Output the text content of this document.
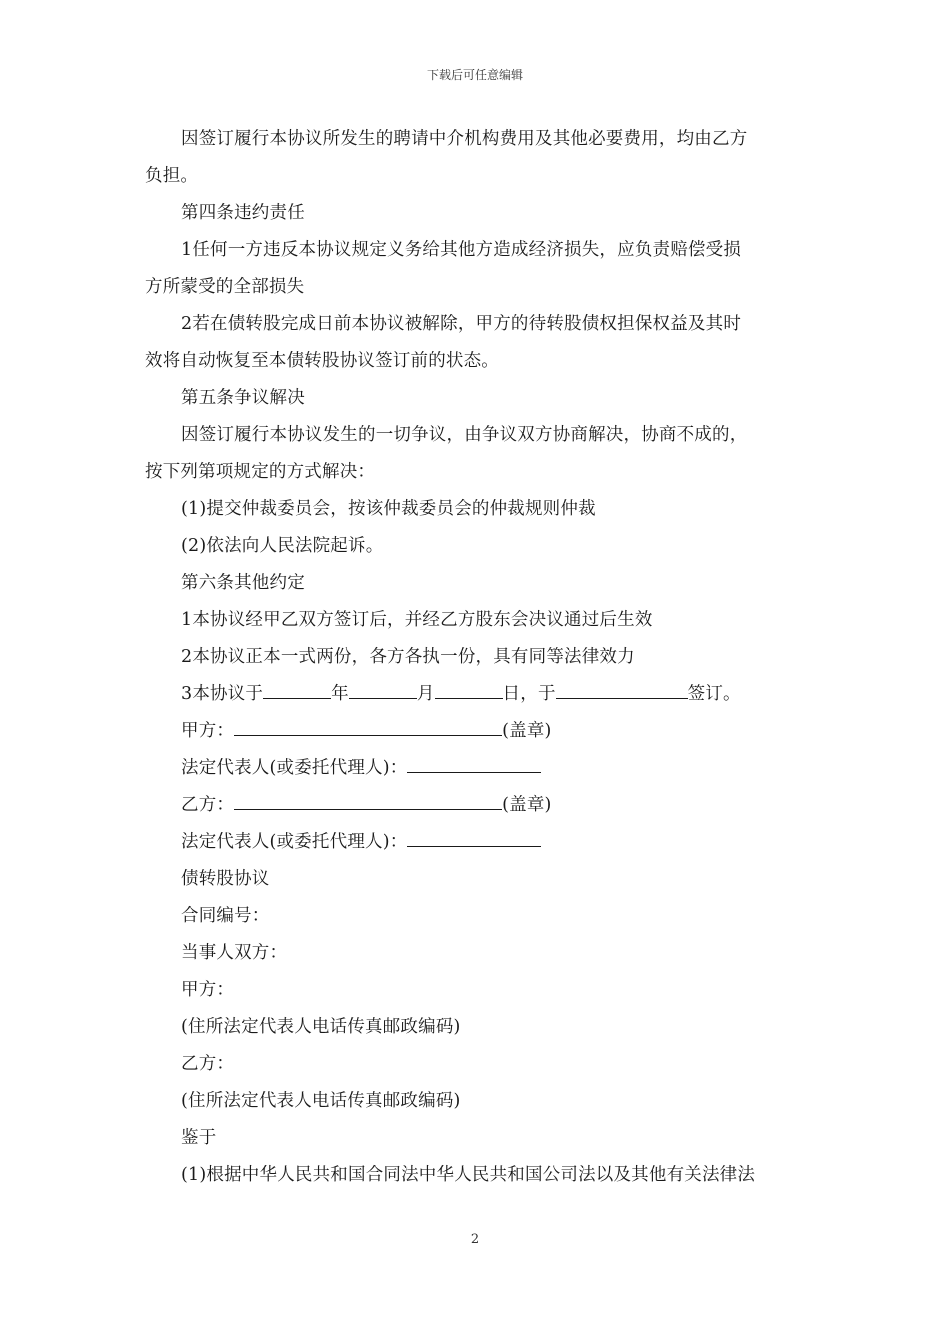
下载后可任意编辑
因签订履行本协议所发生的聘请中介机构费用及其他必要费用，均由乙方
负担。
第四条违约责任
1任何一方违反本协议规定义务给其他方造成经济损失，应负责赔偿受损
方所蒙受的全部损失
2若在债转股完成日前本协议被解除，甲方的待转股债权担保权益及其时
效将自动恢复至本债转股协议签订前的状态。
第五条争议解决
因签订履行本协议发生的一切争议，由争议双方协商解决，协商不成的，
按下列第项规定的方式解决：
(1)提交仲裁委员会，按该仲裁委员会的仲裁规则仲裁
(2)依法向人民法院起诉。
第六条其他约定
1本协议经甲乙双方签订后，并经乙方股东会决议通过后生效
2本协议正本一式两份，各方各执一份，具有同等法律效力
3本协议于	年	月	日，于	签订。
甲方：	(盖章)
法定代表人(或委托代理人)：
乙方：	(盖章)
法定代表人(或委托代理人)：
债转股协议
合同编号：
当事人双方：
甲方：
(住所法定代表人电话传真邮政编码)
乙方：
(住所法定代表人电话传真邮政编码)
鉴于
(1)根据中华人民共和国合同法中华人民共和国公司法以及其他有关法律法
2
